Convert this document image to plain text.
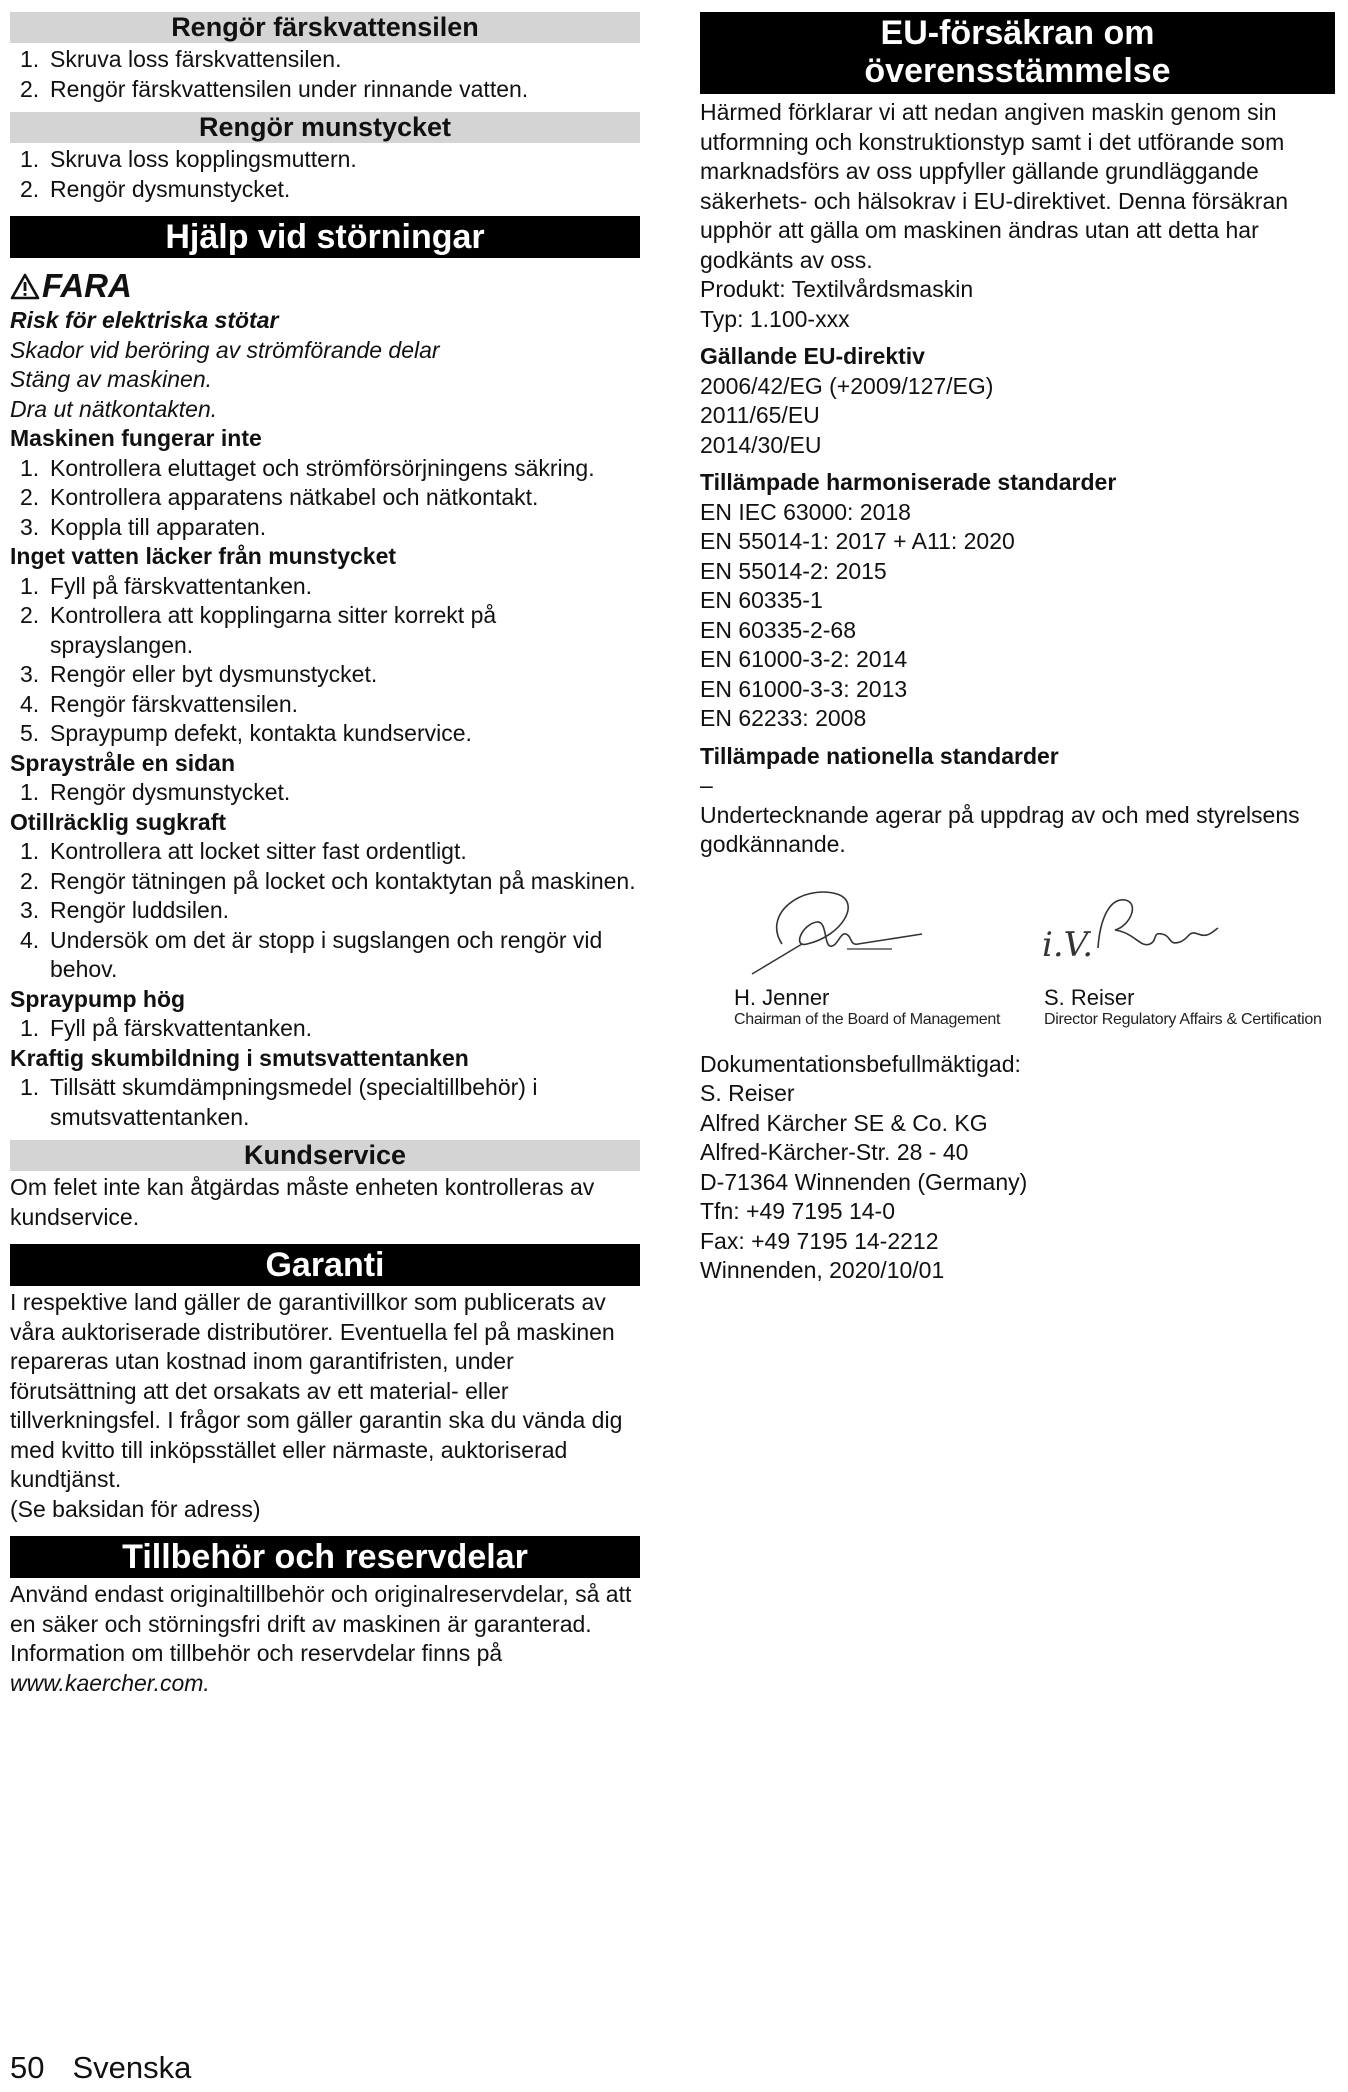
Rengör färskvattensilen
1. Skruva loss färskvattensilen.
2. Rengör färskvattensilen under rinnande vatten.
Rengör munstycket
1. Skruva loss kopplingsmuttern.
2. Rengör dysmunstycket.
Hjälp vid störningar
FARA

Risk för elektriska stötar

Skador vid beröring av strömförande delar

Stäng av maskinen.

Dra ut nätkontakten.

Maskinen fungerar inte
1. Kontrollera eluttaget och strömförsörjningens säkring.
2. Kontrollera apparatens nätkabel och nätkontakt.
3. Koppla till apparaten.
Inget vatten läcker från munstycket
1. Fyll på färskvattentanken.
2. Kontrollera att kopplingarna sitter korrekt på sprayslangen.
3. Rengör eller byt dysmunstycket.
4. Rengör färskvattensilen.
5. Spraypump defekt, kontakta kundservice.
Spraystråle en sidan
1. Rengör dysmunstycket.
Otillräcklig sugkraft
1. Kontrollera att locket sitter fast ordentligt.
2. Rengör tätningen på locket och kontaktytan på maskinen.
3. Rengör luddsilen.
4. Undersök om det är stopp i sugslangen och rengör vid behov.
Spraypump hög
1. Fyll på färskvattentanken.
Kraftig skumbildning i smutsvattentanken
1. Tillsätt skumdämpningsmedel (specialtillbehör) i smutsvattentanken.
Kundservice

Om felet inte kan åtgärdas måste enheten kontrolleras av kundservice.

Garanti

I respektive land gäller de garantivillkor som publicerats av våra auktoriserade distributörer. Eventuella fel på maskinen repareras utan kostnad inom garantifristen, under förutsättning att det orsakats av ett material- eller tillverkningsfel. I frågor som gäller garantin ska du vända dig med kvitto till inköpsstället eller närmaste, auktoriserad kundtjänst.

(Se baksidan för adress)

Tillbehör och reservdelar

Använd endast originaltillbehör och originalreservdelar, så att en säker och störningsfri drift av maskinen är garanterad.

Information om tillbehör och reservdelar finns på

www.kaercher.com.

EU-försäkran om
överensstämmelse

Härmed förklarar vi att nedan angiven maskin genom sin utformning och konstruktionstyp samt i det utförande som marknadsförs av oss uppfyller gällande grundläggande säkerhets- och hälsokrav i EU-direktivet. Denna försäkran upphör att gälla om maskinen ändras utan att detta har godkänts av oss.

Produkt: Textilvårdsmaskin

Typ: 1.100-xxx

Gällande EU-direktiv

2006/42/EG (+2009/127/EG)

2011/65/EU

2014/30/EU

Tillämpade harmoniserade standarder

EN IEC 63000: 2018

EN 55014-1: 2017 + A11: 2020

EN 55014-2: 2015

EN 60335-1

EN 60335-2-68

EN 61000-3-2: 2014

EN 61000-3-3: 2013

EN 62233: 2008

Tillämpade nationella standarder

–

Undertecknande agerar på uppdrag av och med styrelsens godkännande.

i.V.
H. Jenner
Chairman of the Board of Management
S. Reiser
Director Regulatory Affairs & Certification

Dokumentationsbefullmäktigad:

S. Reiser

Alfred Kärcher SE & Co. KG

Alfred-Kärcher-Str. 28 - 40

D-71364 Winnenden (Germany)

Tfn: +49 7195 14-0

Fax: +49 7195 14-2212

Winnenden, 2020/10/01

50 Svenska
